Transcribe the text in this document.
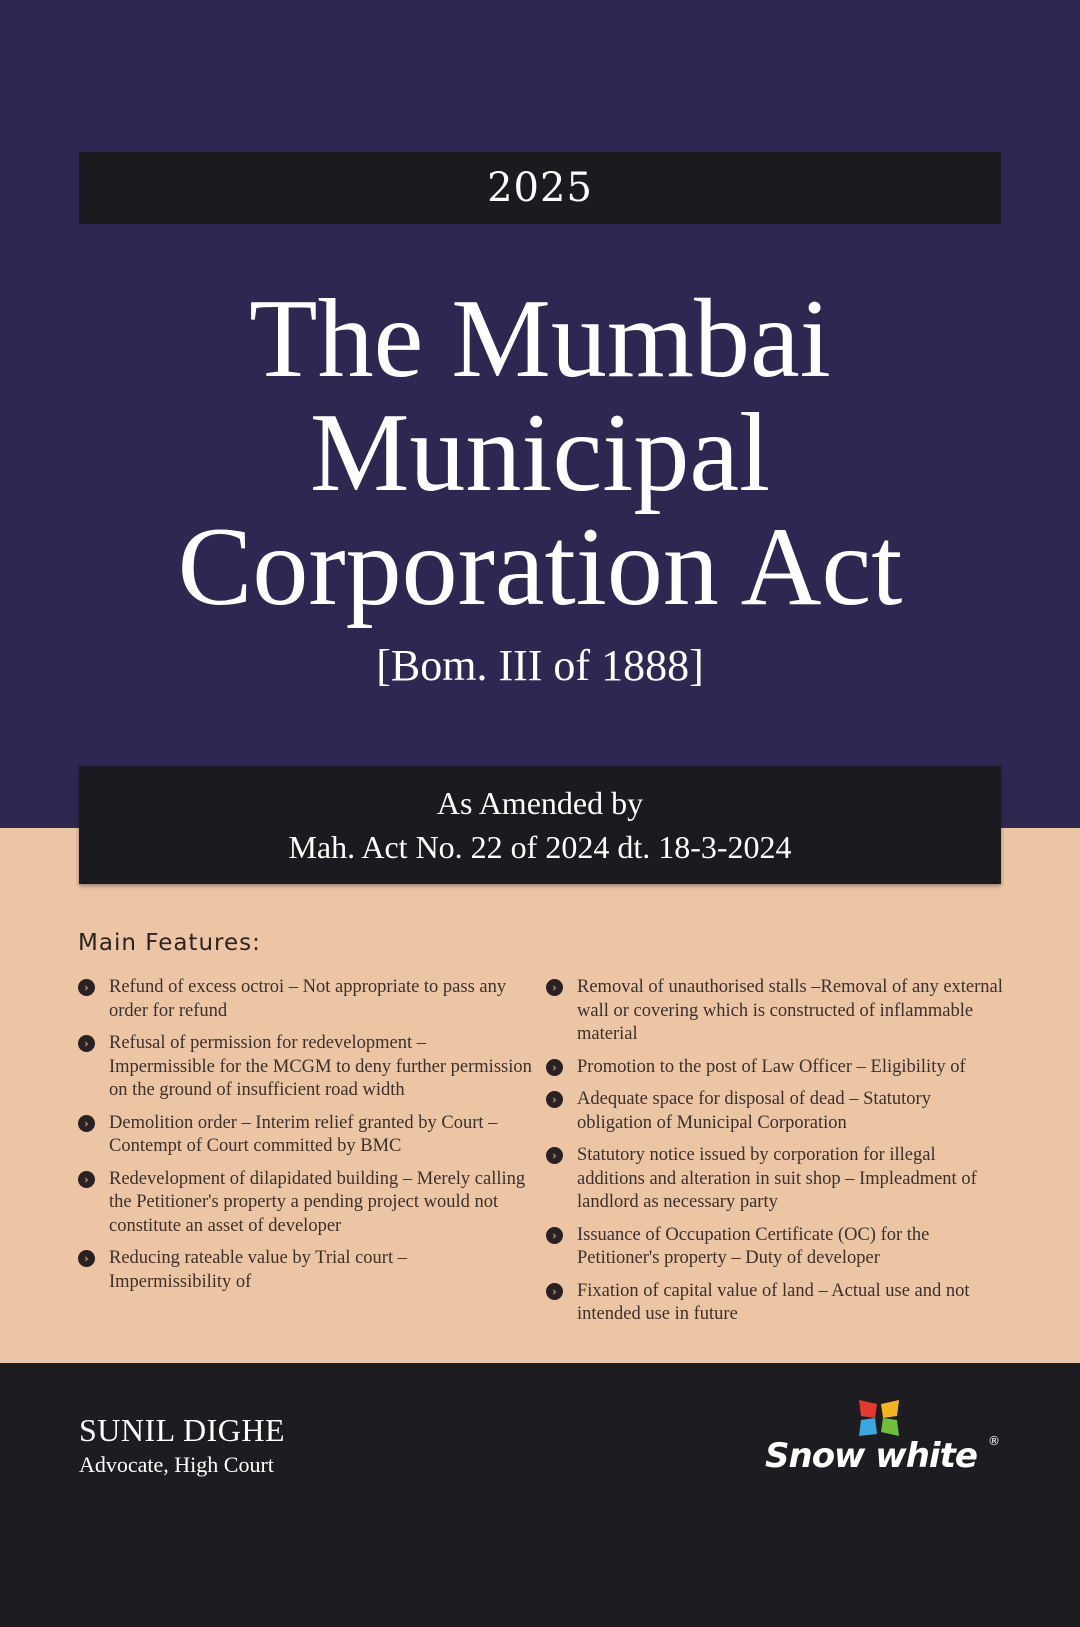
2025
The Mumbai
Municipal
Corporation Act
[Bom. III of 1888]
As Amended by
Mah. Act No. 22 of 2024 dt. 18-3-2024
Main Features:
›	Refund of excess octroi – Not appropriate to pass any order for refund
›	Refusal of permission for redevelopment – Impermissible for the MCGM to deny further permission on the ground of insufficient road width
›	Demolition order – Interim relief granted by Court – Contempt of Court committed by BMC
›	Redevelopment of dilapidated building – Merely calling the Petitioner's property a pending project would not constitute an asset of developer
›	Reducing rateable value by Trial court – Impermissibility of
›	Removal of unauthorised stalls –Removal of any external wall or covering which is constructed of inflammable material
›	Promotion to the post of Law Officer – Eligibility of
›	Adequate space for disposal of dead – Statutory obligation of Municipal Corporation
›	Statutory notice issued by corporation for illegal additions and alteration in suit shop – Impleadment of landlord as necessary party
›	Issuance of Occupation Certificate (OC) for the Petitioner's property – Duty of developer
›	Fixation of capital value of land – Actual use and not intended use in future
SUNIL DIGHE
Advocate, High Court	Snow white ®
